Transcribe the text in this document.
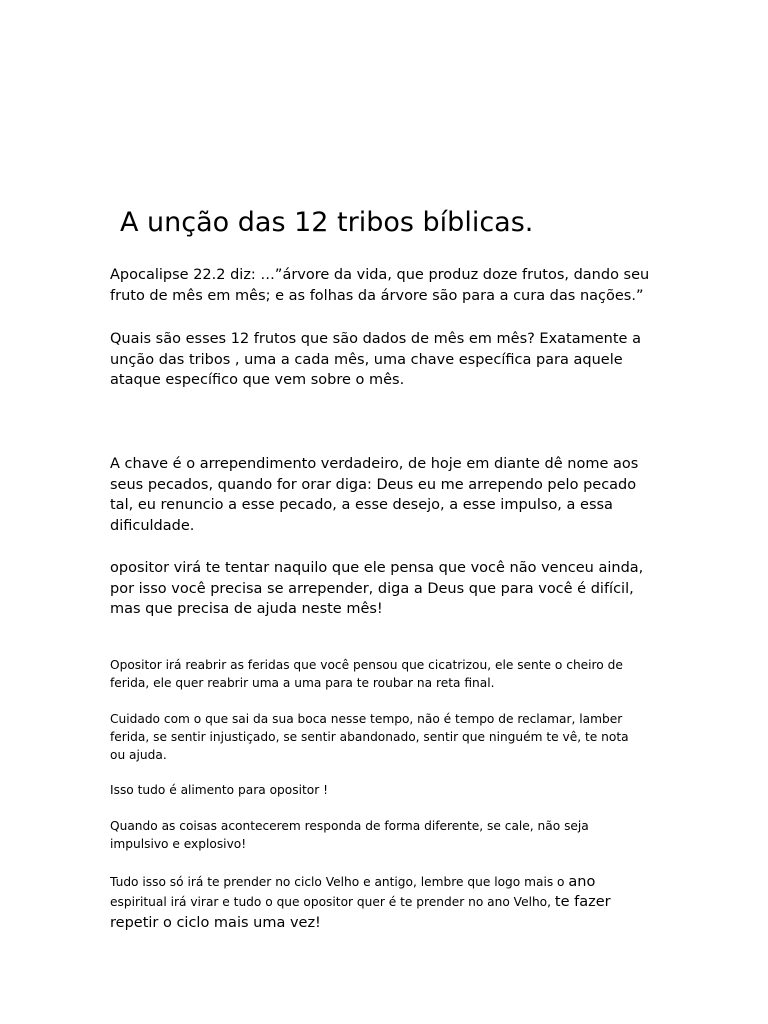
A unção das 12 tribos bíblicas.
Apocalipse 22.2 diz: …”árvore da vida, que produz doze frutos, dando seu
fruto de mês em mês; e as folhas da árvore são para a cura das nações.”
Quais são esses 12 frutos que são dados de mês em mês? Exatamente a
unção das tribos , uma a cada mês, uma chave específica para aquele
ataque específico que vem sobre o mês.
A chave é o arrependimento verdadeiro, de hoje em diante dê nome aos
seus pecados, quando for orar diga: Deus eu me arrependo pelo pecado
tal, eu renuncio a esse pecado, a esse desejo, a esse impulso, a essa
dificuldade.
opositor virá te tentar naquilo que ele pensa que você não venceu ainda,
por isso você precisa se arrepender, diga a Deus que para você é difícil,
mas que precisa de ajuda neste mês!
Opositor irá reabrir as feridas que você pensou que cicatrizou, ele sente o cheiro de
ferida, ele quer reabrir uma a uma para te roubar na reta final.
Cuidado com o que sai da sua boca nesse tempo, não é tempo de reclamar, lamber
ferida, se sentir injustiçado, se sentir abandonado, sentir que ninguém te vê, te nota
ou ajuda.
Isso tudo é alimento para opositor !
Quando as coisas acontecerem responda de forma diferente, se cale, não seja
impulsivo e explosivo!
Tudo isso só irá te prender no ciclo Velho e antigo, lembre que logo mais o ano
espiritual irá virar e tudo o que opositor quer é te prender no ano Velho, te fazer
repetir o ciclo mais uma vez!
